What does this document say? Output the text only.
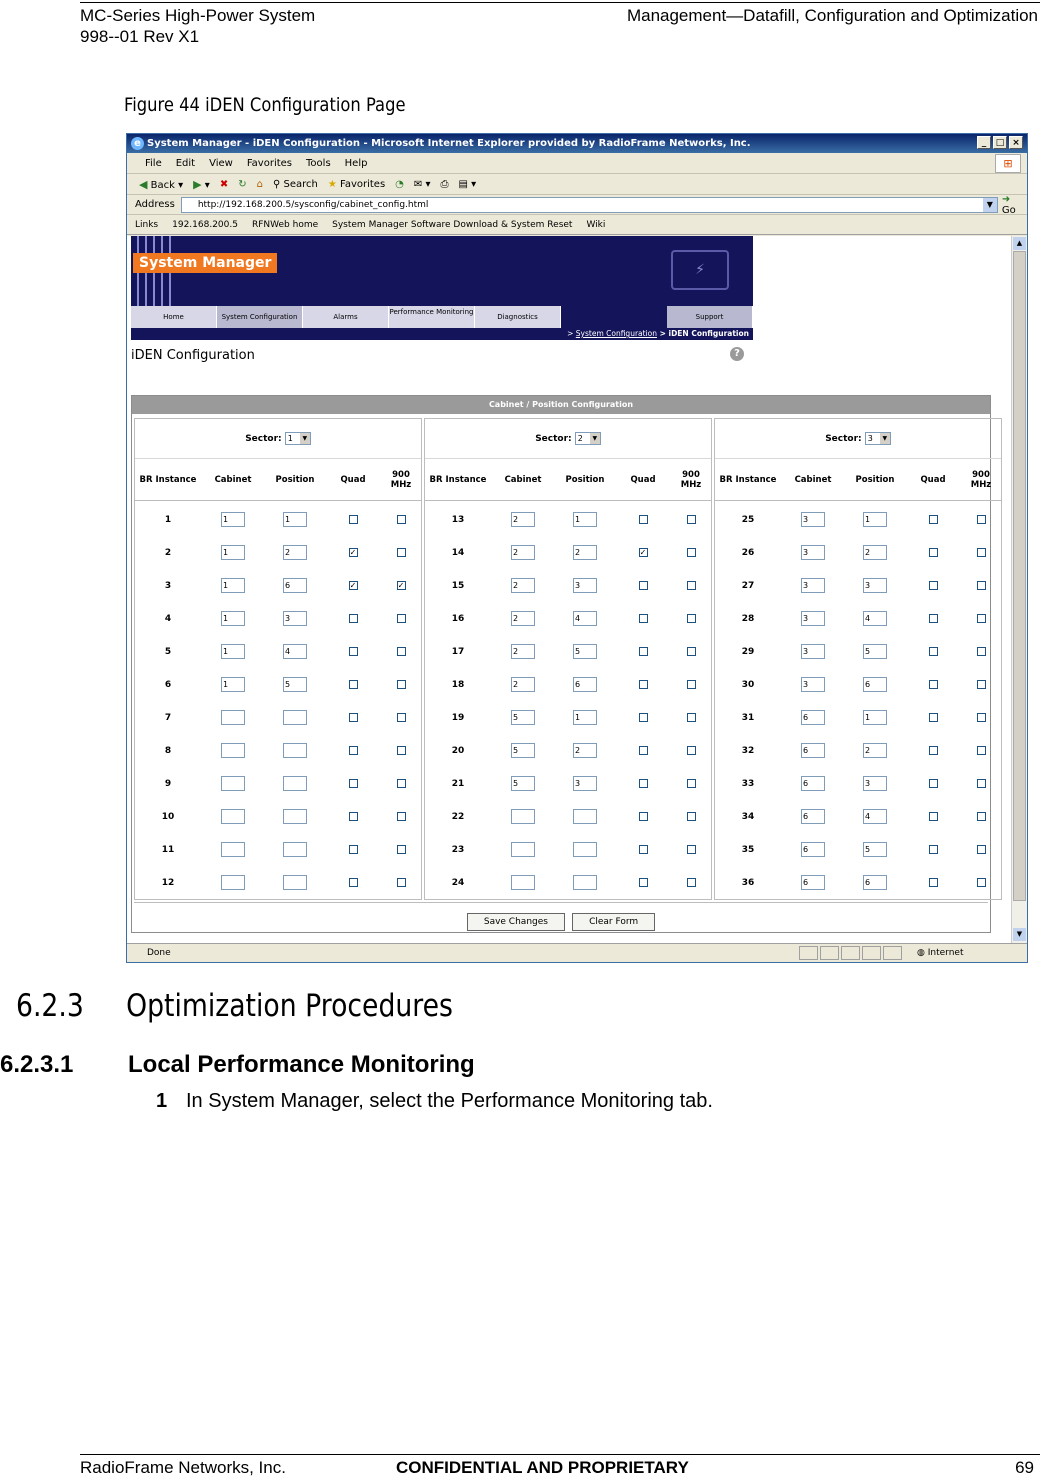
MC-Series High-Power System
998--01 Rev X1
Management—Datafill, Configuration and Optimization
Figure 44 iDEN Configuration Page
e System Manager - iDEN Configuration - Microsoft Internet Explorer provided by RadioFrame Networks, Inc.	_	□ ×
File Edit View Favorites Tools Help	⊞
◀ Back ▾ ▶ ▾ ✖ ↻ ⌂ ⚲ Search ★ Favorites ◔ ✉ ▾ ⎙ ▤ ▾
Address	http://192.168.200.5/sysconfig/cabinet_config.html	▼ ➜ Go
Links 192.168.200.5 RFNWeb home System Manager Software Download & System Reset Wiki
System Manager	⚡
Home	System Configuration	Alarms
Performance Monitoring
Diagnostics	Support
> System Configuration > iDEN Configuration
iDEN Configuration	?
Cabinet / Position Configuration
Sector: 1	▼
BR Instance	Cabinet	Position	Quad	900 MHz
1	1	1
2	1	2	✓
3	1	6	✓	✓
4	1	3
5	1	4
6	1	5
7
8
9
10
11
12
Sector: 2	▼
BR Instance	Cabinet	Position	Quad	900 MHz
13	2	1
14	2	2	✓
15	2	3
16	2	4
17	2	5
18	2	6
19	5	1
20	5	2
21	5	3
22
23
24
Sector: 3	▼
BR Instance	Cabinet	Position	Quad	900 MHz
25	3	1
26	3	2
27	3	3
28	3	4
29	3	5
30	3	6
31	6	1
32	6	2
33	6	3
34	6	4
35	6	5
36	6	6
Save Changes	Clear Form
▲
▼
Done	◍ Internet
6.2.3 Optimization Procedures
6.2.3.1 Local Performance Monitoring
1 In System Manager, select the Performance Monitoring tab.
RadioFrame Networks, Inc.	CONFIDENTIAL AND PROPRIETARY	69
